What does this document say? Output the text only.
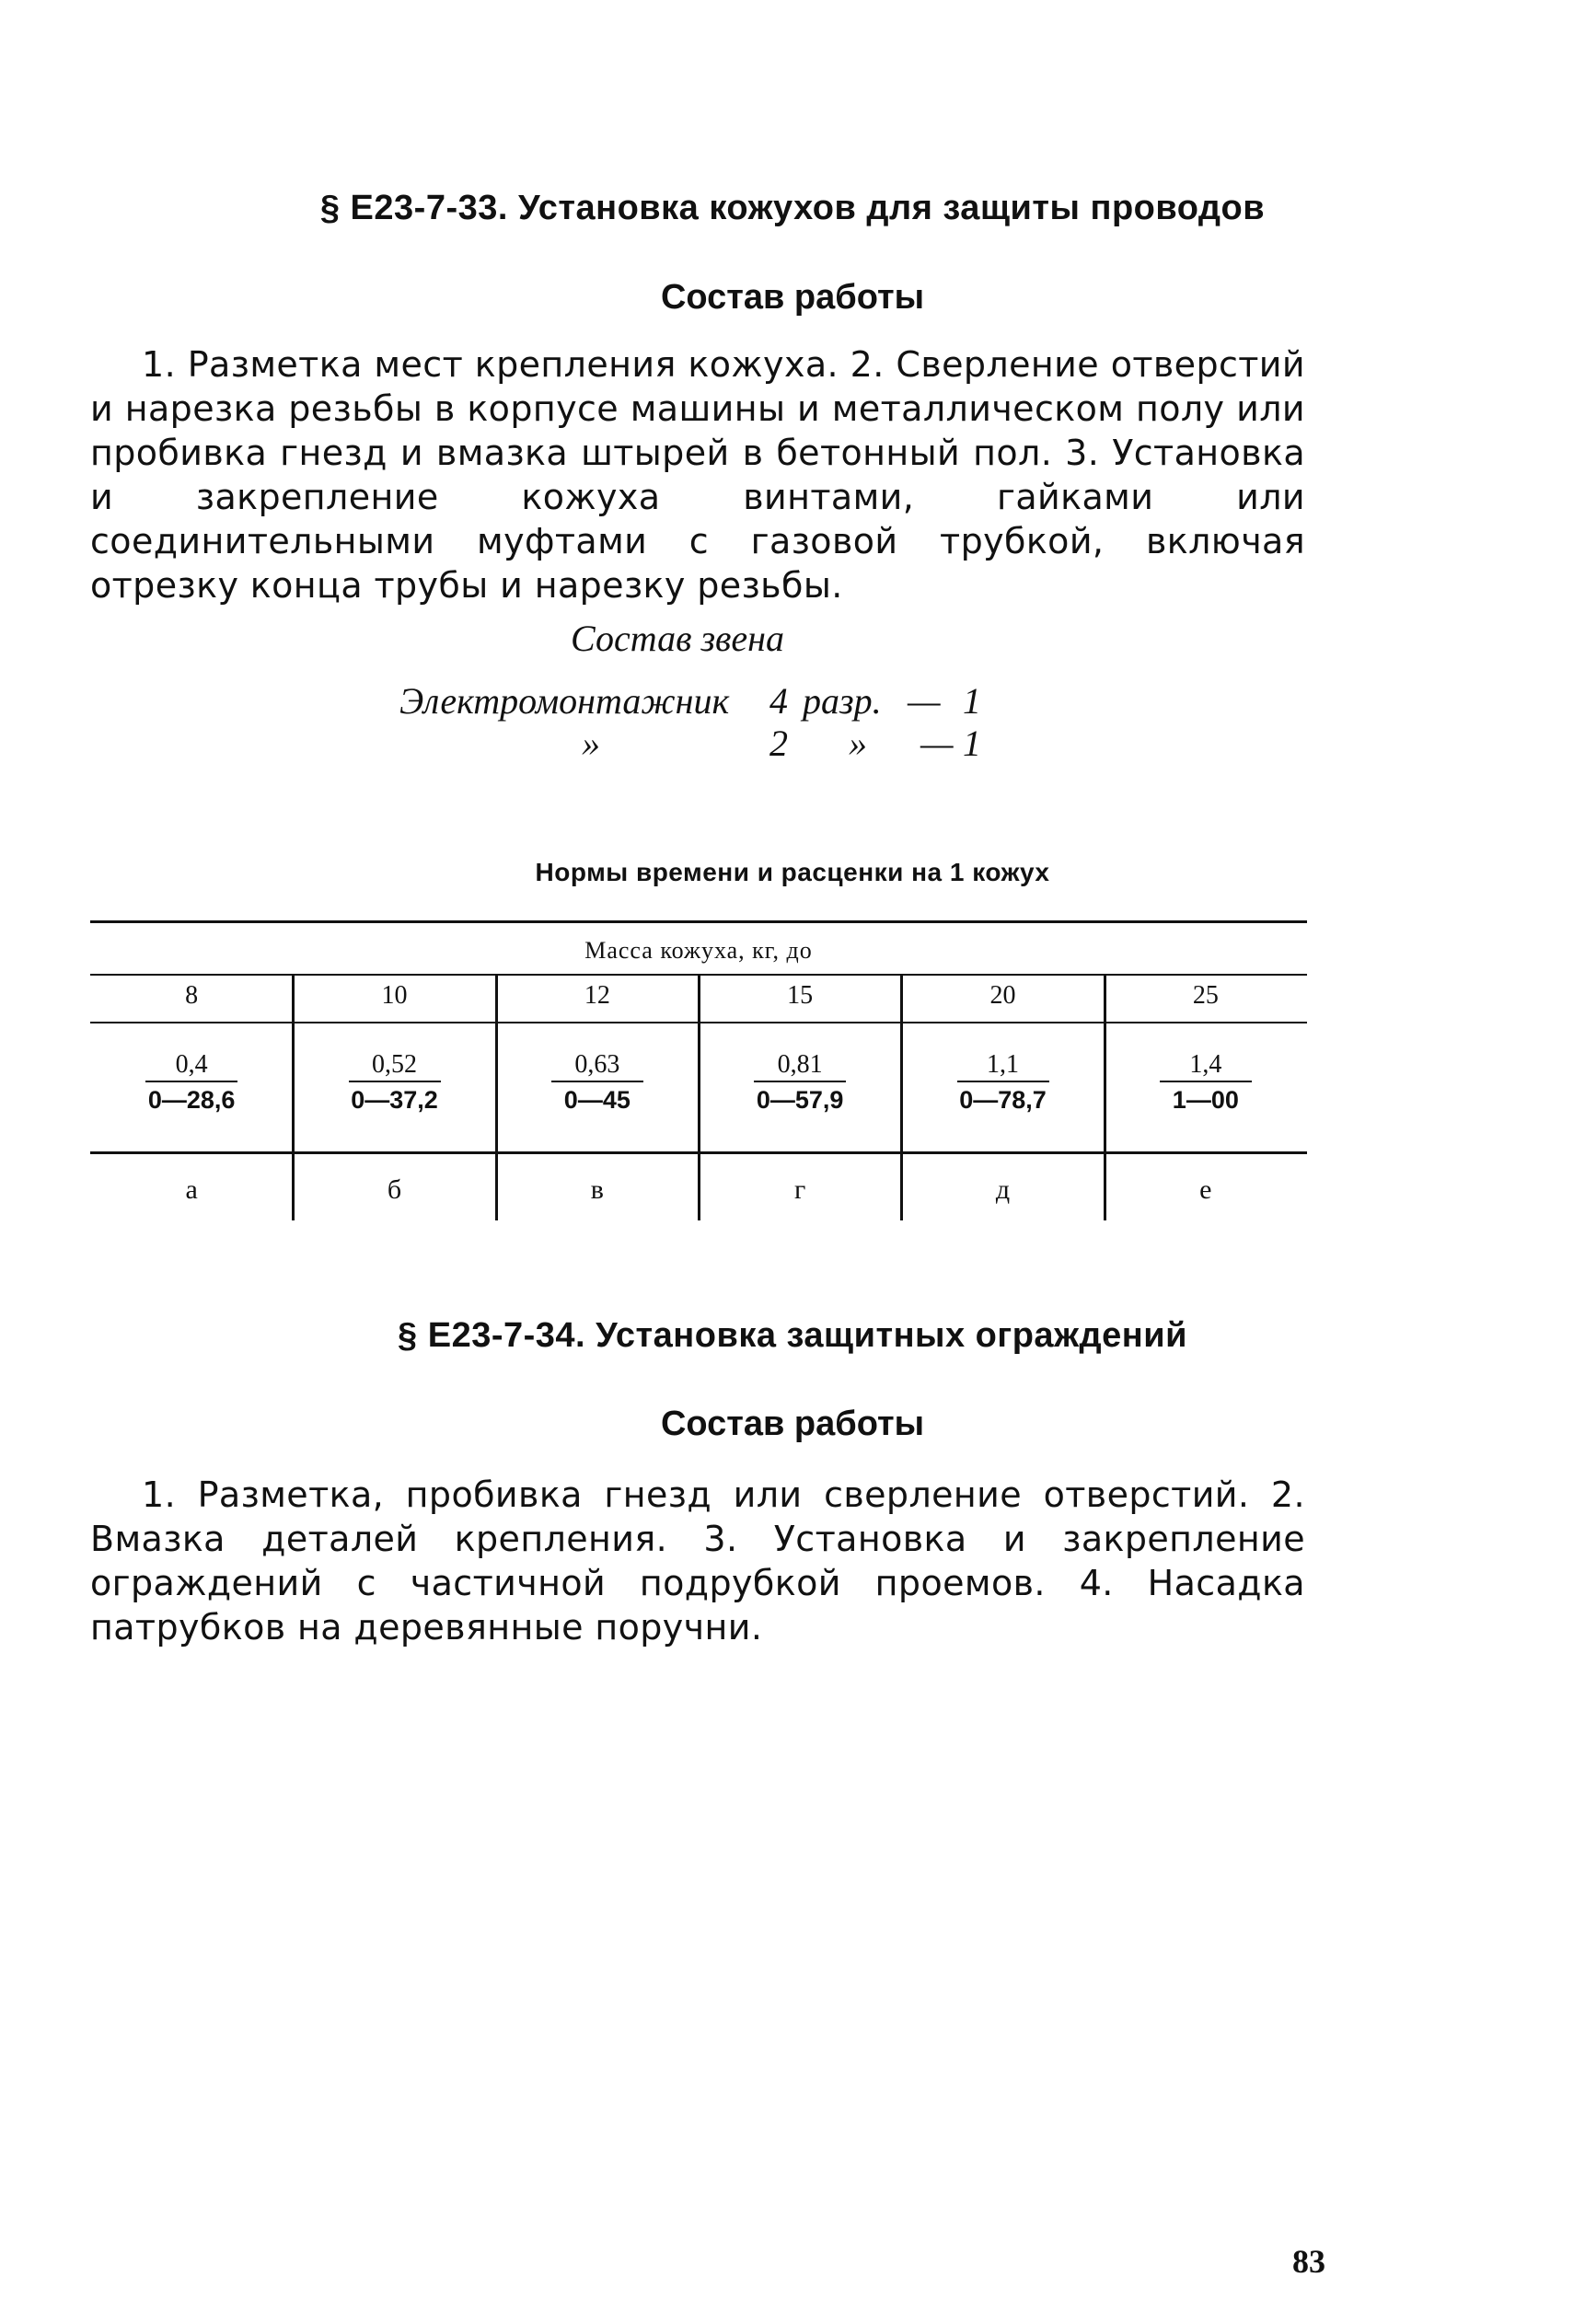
§ Е23-7-33. Установка кожухов для защиты проводов
Состав работы
1. Разметка мест крепления кожуха. 2. Сверление отверстий и нарезка резьбы в корпусе машины и металлическом полу или пробивка гнезд и вмазка штырей в бетонный пол. 3. Установка и закрепление кожуха винтами, гайками или соединительными муфтами с газовой трубкой, включая отрезку конца трубы и нарезку резьбы.
Состав звена
Электромонтажник 4 разр. — 1
»	2 » — 1
Нормы времени и расценки на 1 кожух
Масса кожуха, кг, до
8
0,4
0—28,6
а
10
0,52
0—37,2
б
12
0,63
0—45
в
15
0,81
0—57,9
г
20
1,1
0—78,7
д
25
1,4
1—00
е
§ Е23-7-34. Установка защитных ограждений
Состав работы
1. Разметка, пробивка гнезд или сверление отверстий. 2. Вмазка деталей крепления. 3. Установка и закрепление ограждений с частичной подрубкой проемов. 4. Насадка патрубков на деревянные поручни.
83
